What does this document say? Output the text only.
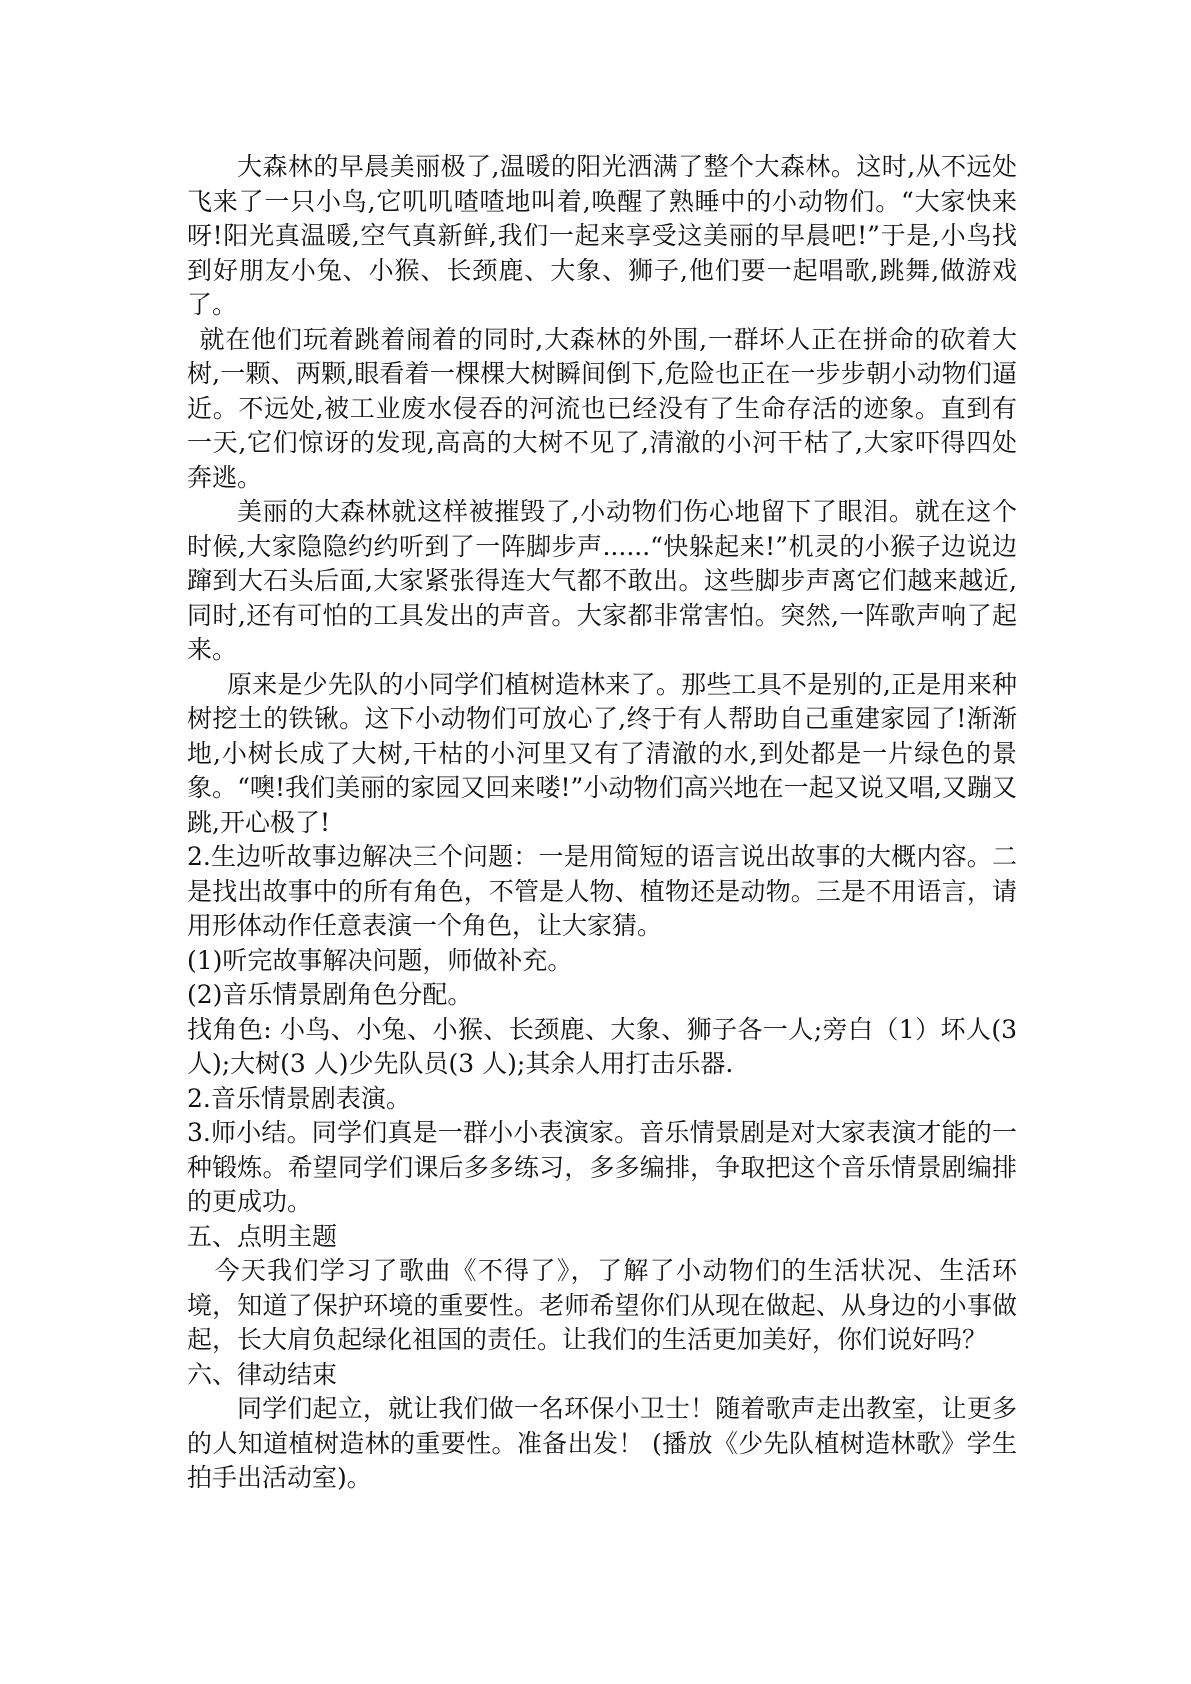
大森林的早晨美丽极了,温暖的阳光洒满了整个大森林。这时,从不远处飞来了一只小鸟,它叽叽喳喳地叫着,唤醒了熟睡中的小动物们。“大家快来呀!阳光真温暖,空气真新鲜,我们一起来享受这美丽的早晨吧!”于是,小鸟找到好朋友小兔、小猴、长颈鹿、大象、狮子,他们要一起唱歌,跳舞,做游戏了。

就在他们玩着跳着闹着的同时,大森林的外围,一群坏人正在拼命的砍着大树,一颗、两颗,眼看着一棵棵大树瞬间倒下,危险也正在一步步朝小动物们逼近。不远处,被工业废水侵吞的河流也已经没有了生命存活的迹象。直到有一天,它们惊讶的发现,高高的大树不见了,清澈的小河干枯了,大家吓得四处奔逃。

美丽的大森林就这样被摧毁了,小动物们伤心地留下了眼泪。就在这个时候,大家隐隐约约听到了一阵脚步声......“快躲起来!”机灵的小猴子边说边蹿到大石头后面,大家紧张得连大气都不敢出。这些脚步声离它们越来越近,同时,还有可怕的工具发出的声音。大家都非常害怕。突然,一阵歌声响了起来。

原来是少先队的小同学们植树造林来了。那些工具不是别的,正是用来种树挖土的铁锹。这下小动物们可放心了,终于有人帮助自己重建家园了!渐渐地,小树长成了大树,干枯的小河里又有了清澈的水,到处都是一片绿色的景象。“噢!我们美丽的家园又回来喽!”小动物们高兴地在一起又说又唱,又蹦又跳,开心极了!

2.生边听故事边解决三个问题：一是用简短的语言说出故事的大概内容。二是找出故事中的所有角色，不管是人物、植物还是动物。三是不用语言，请用形体动作任意表演一个角色，让大家猜。

(1)听完故事解决问题，师做补充。

(2)音乐情景剧角色分配。

找角色: 小鸟、小兔、小猴、长颈鹿、大象、狮子各一人;旁白（1）坏人(3 人);大树(3 人)少先队员(3 人);其余人用打击乐器.

2.音乐情景剧表演。

3.师小结。同学们真是一群小小表演家。音乐情景剧是对大家表演才能的一种锻炼。希望同学们课后多多练习，多多编排，争取把这个音乐情景剧编排的更成功。

五、点明主题

今天我们学习了歌曲《不得了》，了解了小动物们的生活状况、生活环境，知道了保护环境的重要性。老师希望你们从现在做起、从身边的小事做起，长大肩负起绿化祖国的责任。让我们的生活更加美好，你们说好吗？

六、律动结束

同学们起立，就让我们做一名环保小卫士！随着歌声走出教室，让更多的人知道植树造林的重要性。准备出发！ (播放《少先队植树造林歌》学生拍手出活动室)。
